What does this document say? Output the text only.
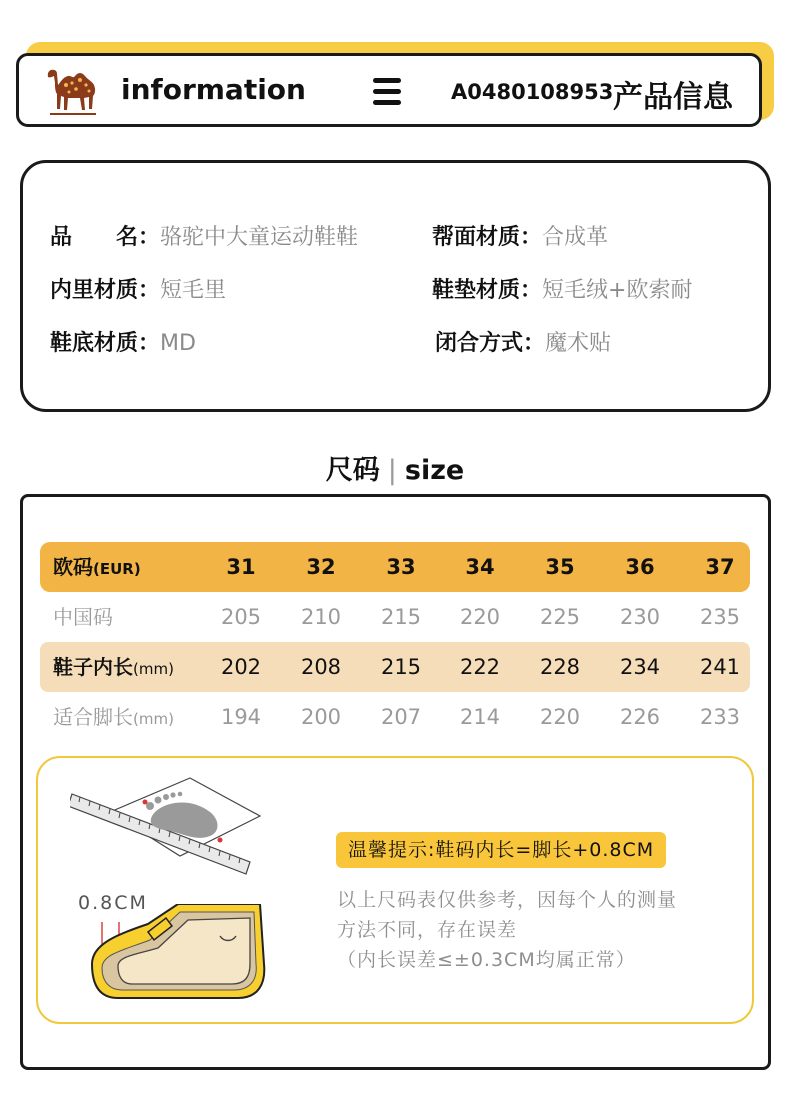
information	A0480108953 产品信息
品　　名：骆驼中大童运动鞋鞋	帮面材质：合成革
内里材质：短毛里	鞋垫材质：短毛绒+欧索耐
鞋底材质：MD	闭合方式：魔术贴
尺码 | size
欧码(EUR)	31	32	33	34	35	36	37
中国码	205	210	215	220	225	230	235
鞋子内长(mm)	202	208	215	222	228	234	241
适合脚长(mm)	194	200	207	214	220	226	233
0.8CM
温馨提示:鞋码内长=脚长+0.8CM
以上尺码表仅供参考，因每个人的测量
方法不同，存在误差
（内长误差≤±0.3CM均属正常）
